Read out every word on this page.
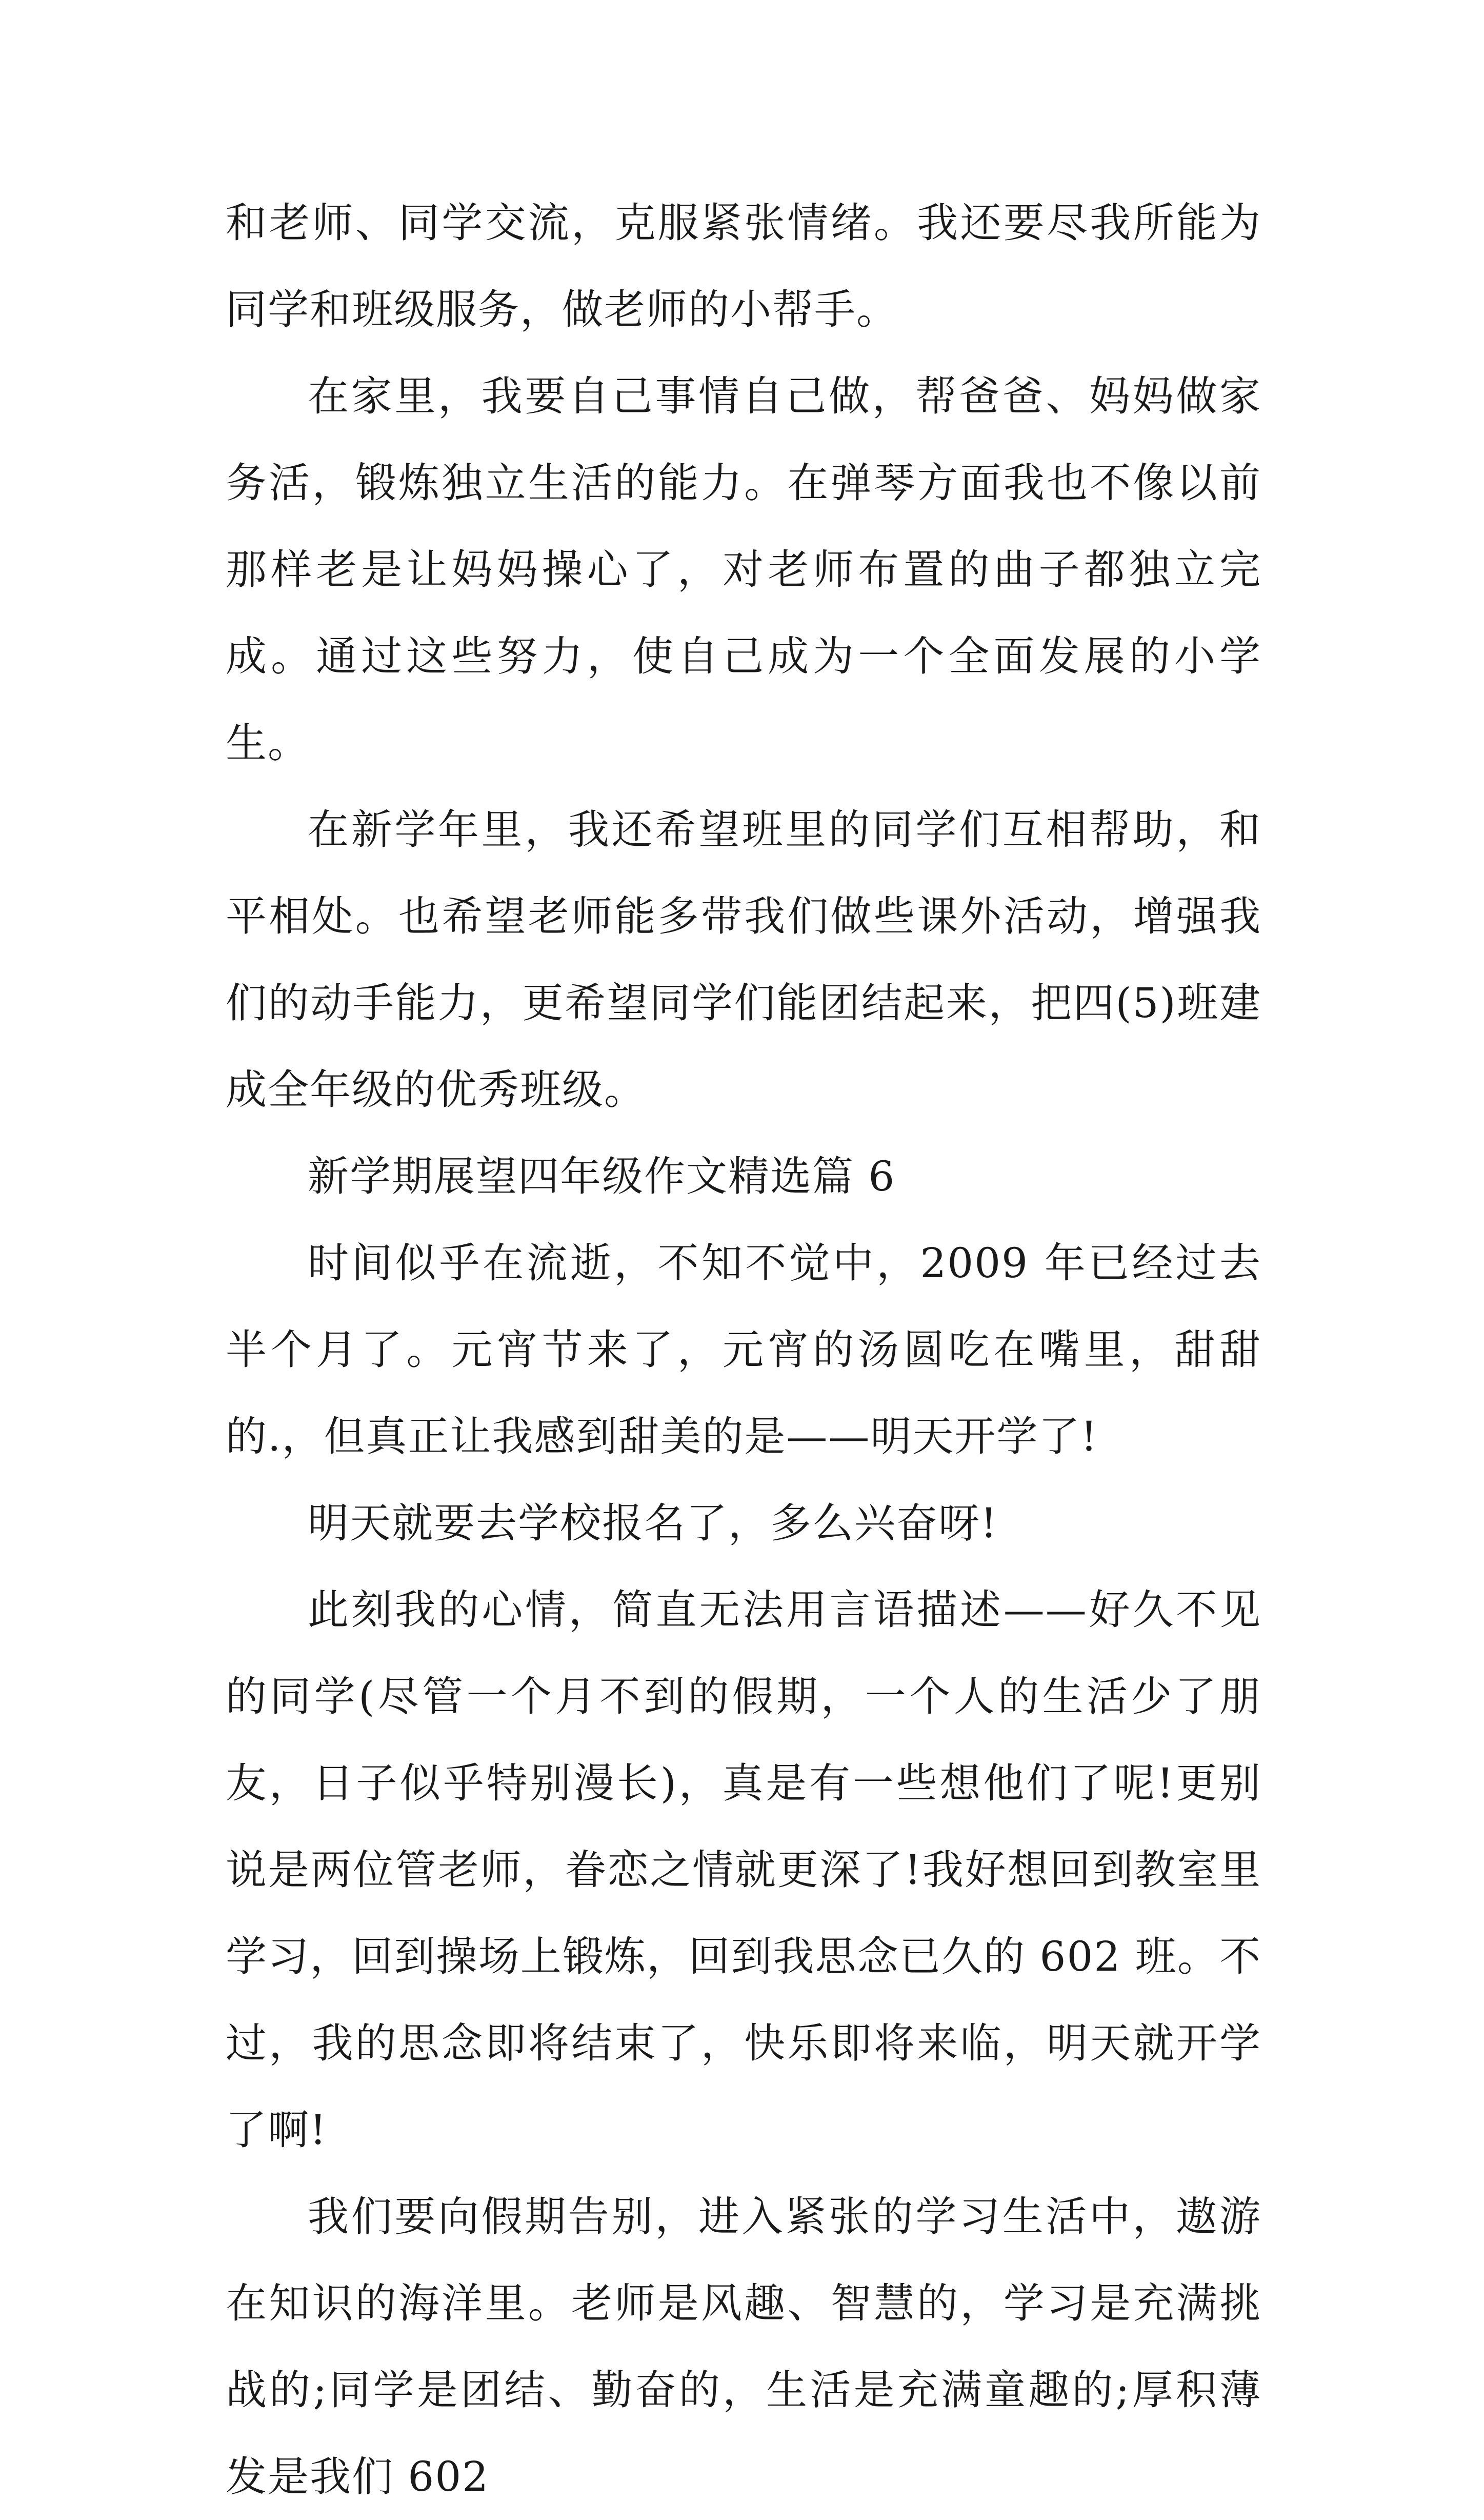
和老师、同学交流，克服紧张情绪。我还要尽我所能为同学和班级服务，做老师的小帮手。

在家里，我要自己事情自己做，帮爸爸、妈妈做家务活，锻炼独立生活的能力。在弹琴方面我也不像以前那样老是让妈妈操心了，对老师布置的曲子都独立完成。通过这些努力，使自己成为一个全面发展的小学生。

在新学年里，我还希望班里的同学们互相帮助，和平相处。也希望老师能多带我们做些课外活动，增强我们的动手能力，更希望同学们能团结起来，把四(5)班建成全年级的优秀班级。

新学期展望四年级作文精选篇 6

时间似乎在流逝，不知不觉中，2009 年已经过去半个月了。元宵节来了，元宵的汤圆吃在嘴里，甜甜的.，但真正让我感到甜美的是——明天开学了!

明天就要去学校报名了，多么兴奋呀!

此刻我的心情，简直无法用言语描述——好久不见的同学(尽管一个月不到的假期，一个人的生活少了朋友，日子似乎特别漫长)，真是有一些想他们了呢!更别说是两位管老师，眷恋之情就更深了!我好想回到教室里学习，回到操场上锻炼，回到我思念已久的 602 班。不过，我的思念即将结束了，快乐即将来临，明天就开学了啊!

我们要向假期告别，进入紧张的学习生活中，遨游在知识的海洋里。老师是风趣、智慧的，学习是充满挑战的;同学是团结、勤奋的，生活是充满童趣的;厚积薄发是我们 602
